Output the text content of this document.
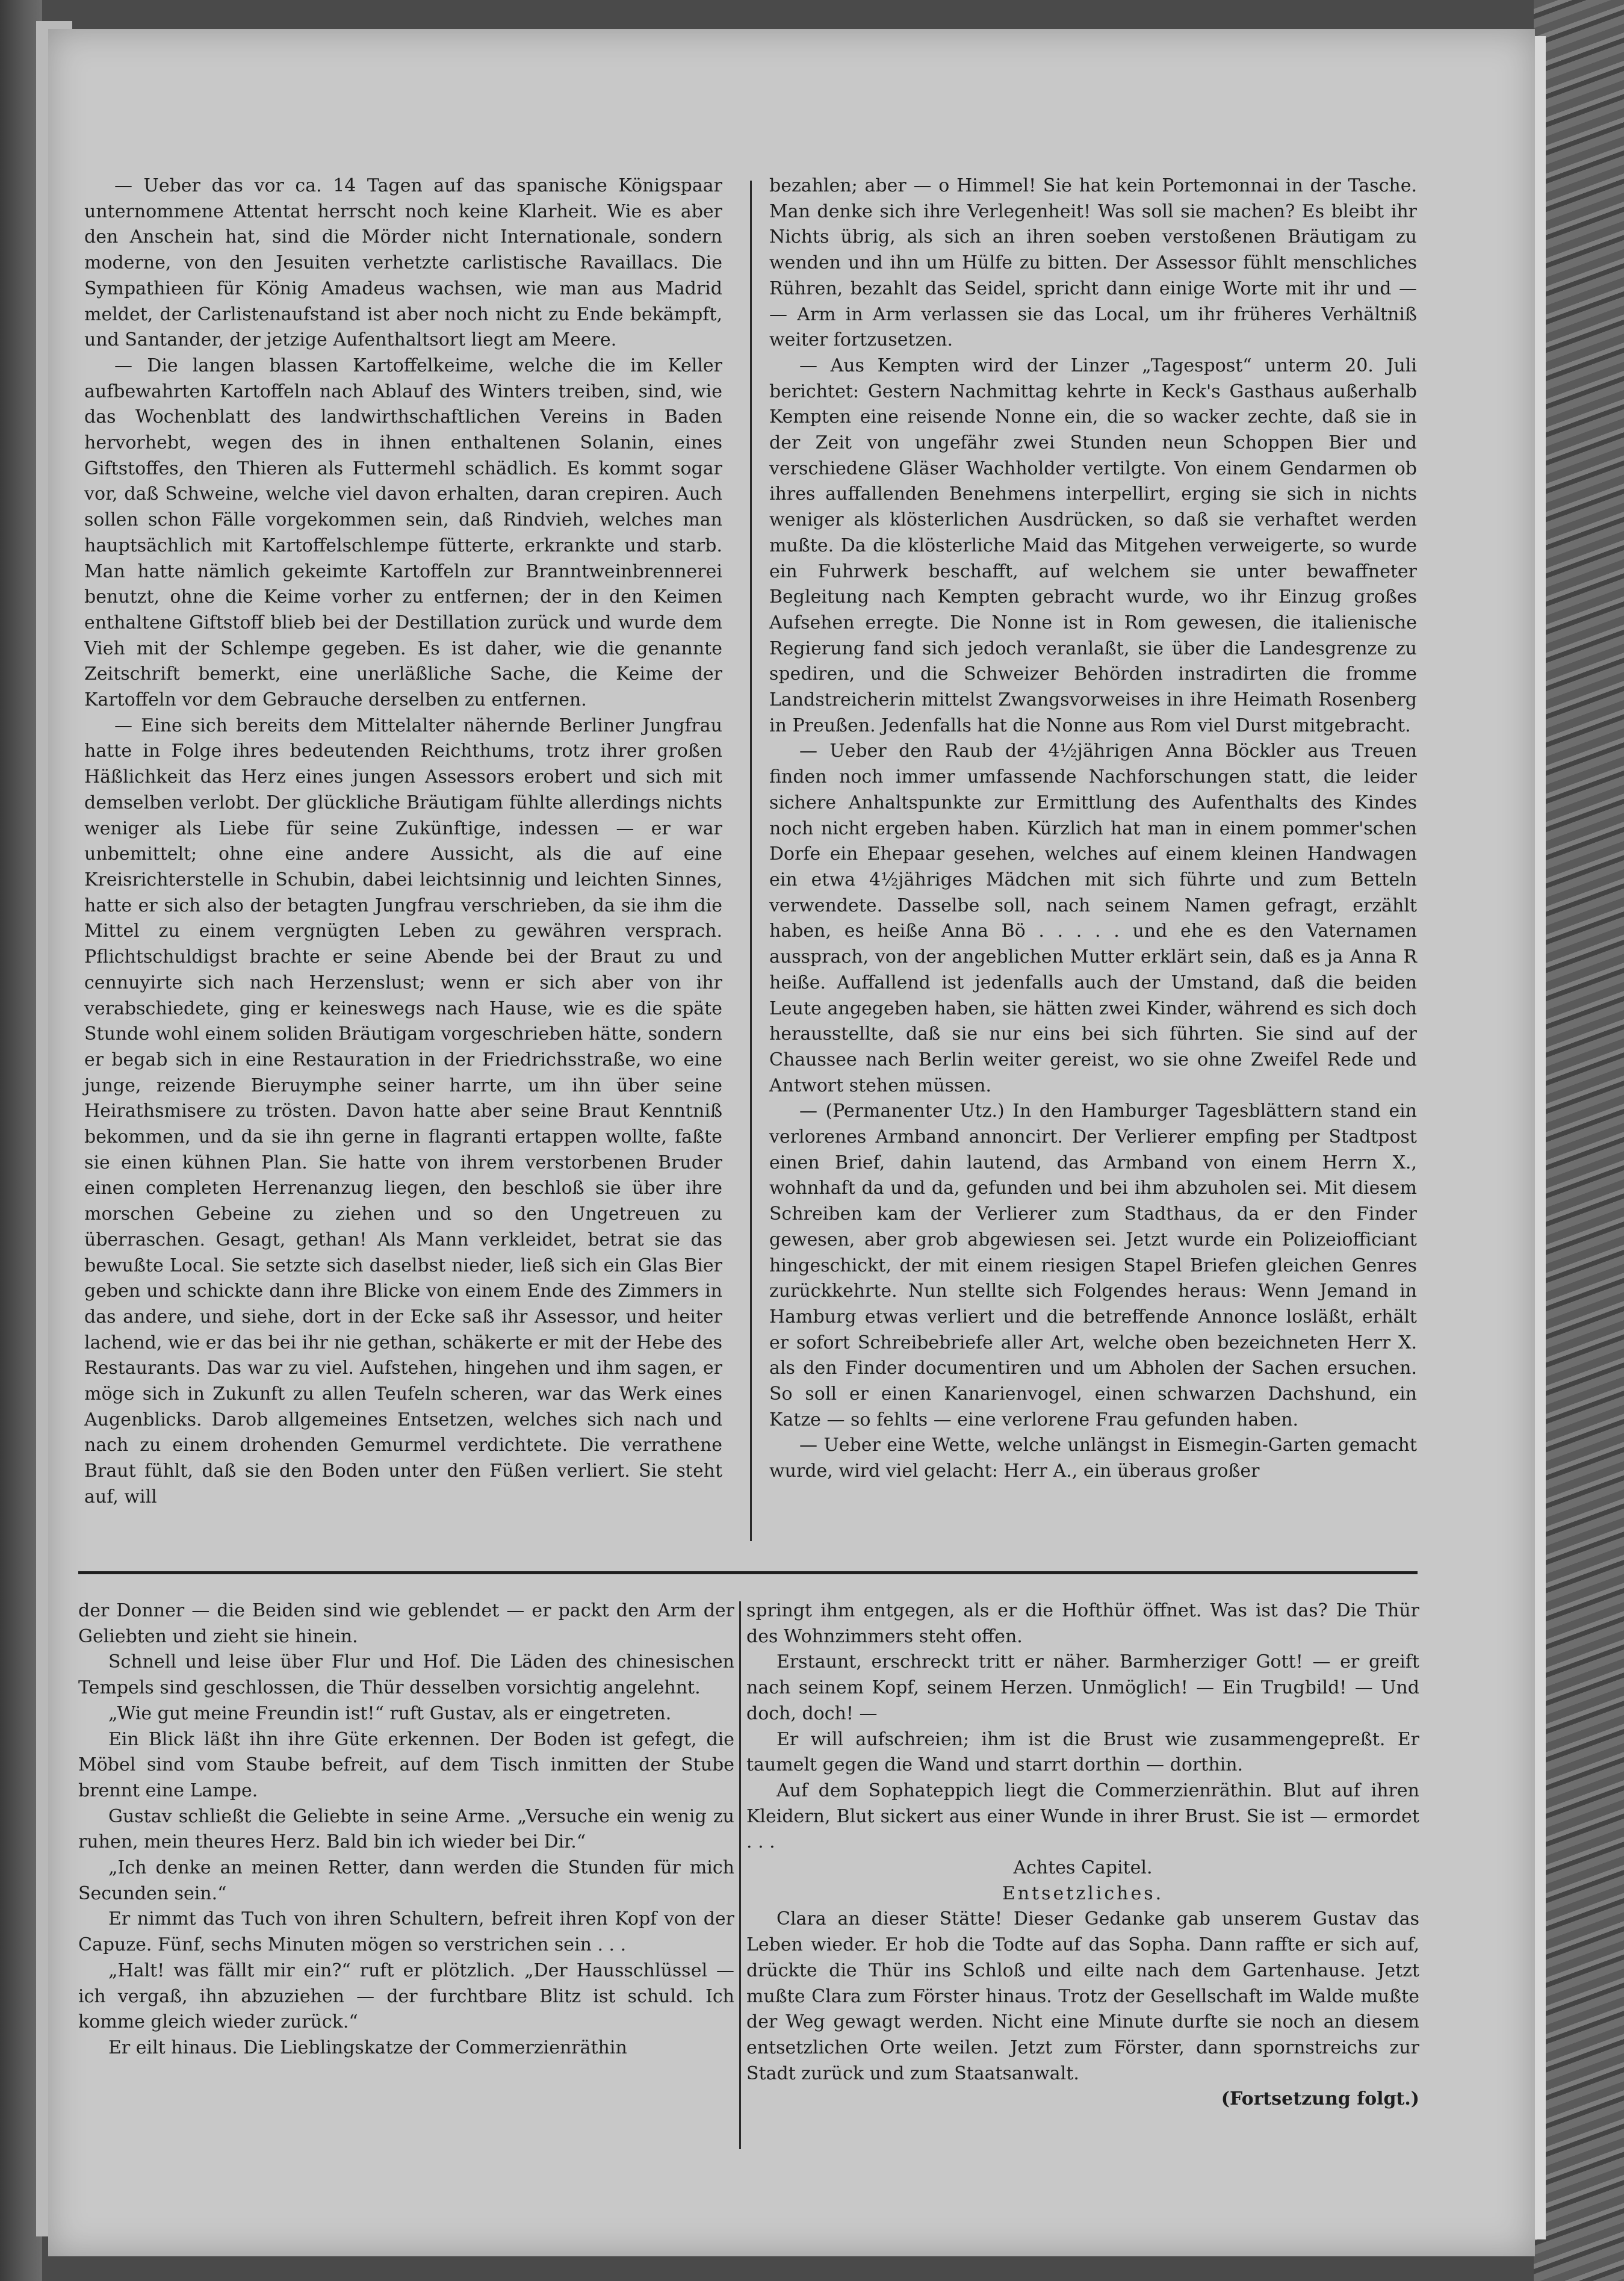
— Ueber das vor ca. 14 Tagen auf das spanische Königspaar unternommene Attentat herrscht noch keine Klarheit. Wie es aber den Anschein hat, sind die Mörder nicht Internationale, sondern moderne, von den Jesuiten verhetzte carlistische Ravaillacs. Die Sympathieen für König Amadeus wachsen, wie man aus Madrid meldet, der Carlistenaufstand ist aber noch nicht zu Ende bekämpft, und Santander, der jetzige Aufenthaltsort liegt am Meere.

— Die langen blassen Kartoffelkeime, welche die im Keller aufbewahrten Kartoffeln nach Ablauf des Winters treiben, sind, wie das Wochenblatt des landwirthschaftlichen Vereins in Baden hervorhebt, wegen des in ihnen enthaltenen Solanin, eines Giftstoffes, den Thieren als Futtermehl schädlich. Es kommt sogar vor, daß Schweine, welche viel davon erhalten, daran crepiren. Auch sollen schon Fälle vorgekommen sein, daß Rindvieh, welches man hauptsächlich mit Kartoffelschlempe fütterte, erkrankte und starb. Man hatte nämlich gekeimte Kartoffeln zur Branntweinbrennerei benutzt, ohne die Keime vorher zu entfernen; der in den Keimen enthaltene Giftstoff blieb bei der Destillation zurück und wurde dem Vieh mit der Schlempe gegeben. Es ist daher, wie die genannte Zeitschrift bemerkt, eine unerläßliche Sache, die Keime der Kartoffeln vor dem Gebrauche derselben zu entfernen.

— Eine sich bereits dem Mittelalter nähernde Berliner Jungfrau hatte in Folge ihres bedeutenden Reichthums, trotz ihrer großen Häßlichkeit das Herz eines jungen Assessors erobert und sich mit demselben verlobt. Der glückliche Bräutigam fühlte allerdings nichts weniger als Liebe für seine Zukünftige, indessen — er war unbemittelt; ohne eine andere Aussicht, als die auf eine Kreisrichterstelle in Schubin, dabei leichtsinnig und leichten Sinnes, hatte er sich also der betagten Jungfrau verschrieben, da sie ihm die Mittel zu einem vergnügten Leben zu gewähren versprach. Pflichtschuldigst brachte er seine Abende bei der Braut zu und cennuyirte sich nach Herzenslust; wenn er sich aber von ihr verabschiedete, ging er keineswegs nach Hause, wie es die späte Stunde wohl einem soliden Bräutigam vorgeschrieben hätte, sondern er begab sich in eine Restauration in der Friedrichsstraße, wo eine junge, reizende Bieruymphe seiner harrte, um ihn über seine Heirathsmisere zu trösten. Davon hatte aber seine Braut Kenntniß bekommen, und da sie ihn gerne in flagranti ertappen wollte, faßte sie einen kühnen Plan. Sie hatte von ihrem verstorbenen Bruder einen completen Herrenanzug liegen, den beschloß sie über ihre morschen Gebeine zu ziehen und so den Ungetreuen zu überraschen. Gesagt, gethan! Als Mann verkleidet, betrat sie das bewußte Local. Sie setzte sich daselbst nieder, ließ sich ein Glas Bier geben und schickte dann ihre Blicke von einem Ende des Zimmers in das andere, und siehe, dort in der Ecke saß ihr Assessor, und heiter lachend, wie er das bei ihr nie gethan, schäkerte er mit der Hebe des Restaurants. Das war zu viel. Aufstehen, hingehen und ihm sagen, er möge sich in Zukunft zu allen Teufeln scheren, war das Werk eines Augenblicks. Darob allgemeines Entsetzen, welches sich nach und nach zu einem drohenden Gemurmel verdichtete. Die verrathene Braut fühlt, daß sie den Boden unter den Füßen verliert. Sie steht auf, will

bezahlen; aber — o Himmel! Sie hat kein Portemonnai in der Tasche. Man denke sich ihre Verlegenheit! Was soll sie machen? Es bleibt ihr Nichts übrig, als sich an ihren soeben verstoßenen Bräutigam zu wenden und ihn um Hülfe zu bitten. Der Assessor fühlt menschliches Rühren, bezahlt das Seidel, spricht dann einige Worte mit ihr und — — Arm in Arm verlassen sie das Local, um ihr früheres Verhältniß weiter fortzusetzen.

— Aus Kempten wird der Linzer „Tagespost“ unterm 20. Juli berichtet: Gestern Nachmittag kehrte in Keck's Gasthaus außerhalb Kempten eine reisende Nonne ein, die so wacker zechte, daß sie in der Zeit von ungefähr zwei Stunden neun Schoppen Bier und verschiedene Gläser Wachholder vertilgte. Von einem Gendarmen ob ihres auffallenden Benehmens interpellirt, erging sie sich in nichts weniger als klösterlichen Ausdrücken, so daß sie verhaftet werden mußte. Da die klösterliche Maid das Mitgehen verweigerte, so wurde ein Fuhrwerk beschafft, auf welchem sie unter bewaffneter Begleitung nach Kempten gebracht wurde, wo ihr Einzug großes Aufsehen erregte. Die Nonne ist in Rom gewesen, die italienische Regierung fand sich jedoch veranlaßt, sie über die Landesgrenze zu spediren, und die Schweizer Behörden instradirten die fromme Landstreicherin mittelst Zwangsvorweises in ihre Heimath Rosenberg in Preußen. Jedenfalls hat die Nonne aus Rom viel Durst mitgebracht.

— Ueber den Raub der 4½jährigen Anna Böckler aus Treuen finden noch immer umfassende Nachforschungen statt, die leider sichere Anhaltspunkte zur Ermittlung des Aufenthalts des Kindes noch nicht ergeben haben. Kürzlich hat man in einem pommer'schen Dorfe ein Ehepaar gesehen, welches auf einem kleinen Handwagen ein etwa 4½jähriges Mädchen mit sich führte und zum Betteln verwendete. Dasselbe soll, nach seinem Namen gefragt, erzählt haben, es heiße Anna Bö . . . . . und ehe es den Vaternamen aussprach, von der angeblichen Mutter erklärt sein, daß es ja Anna R heiße. Auffallend ist jedenfalls auch der Umstand, daß die beiden Leute angegeben haben, sie hätten zwei Kinder, während es sich doch herausstellte, daß sie nur eins bei sich führten. Sie sind auf der Chaussee nach Berlin weiter gereist, wo sie ohne Zweifel Rede und Antwort stehen müssen.

— (Permanenter Utz.) In den Hamburger Tagesblättern stand ein verlorenes Armband annoncirt. Der Verlierer empfing per Stadtpost einen Brief, dahin lautend, das Armband von einem Herrn X., wohnhaft da und da, gefunden und bei ihm abzuholen sei. Mit diesem Schreiben kam der Verlierer zum Stadthaus, da er den Finder gewesen, aber grob abgewiesen sei. Jetzt wurde ein Polizeiofficiant hingeschickt, der mit einem riesigen Stapel Briefen gleichen Genres zurückkehrte. Nun stellte sich Folgendes heraus: Wenn Jemand in Hamburg etwas verliert und die betreffende Annonce losläßt, erhält er sofort Schreibebriefe aller Art, welche oben bezeichneten Herr X. als den Finder documentiren und um Abholen der Sachen ersuchen. So soll er einen Kanarienvogel, einen schwarzen Dachshund, ein Katze — so fehlts — eine verlorene Frau gefunden haben.

— Ueber eine Wette, welche unlängst in Eismegin-Garten gemacht wurde, wird viel gelacht: Herr A., ein überaus großer

der Donner — die Beiden sind wie geblendet — er packt den Arm der Geliebten und zieht sie hinein.

Schnell und leise über Flur und Hof. Die Läden des chinesischen Tempels sind geschlossen, die Thür desselben vorsichtig angelehnt.

„Wie gut meine Freundin ist!“ ruft Gustav, als er eingetreten.

Ein Blick läßt ihn ihre Güte erkennen. Der Boden ist gefegt, die Möbel sind vom Staube befreit, auf dem Tisch inmitten der Stube brennt eine Lampe.

Gustav schließt die Geliebte in seine Arme. „Versuche ein wenig zu ruhen, mein theures Herz. Bald bin ich wieder bei Dir.“

„Ich denke an meinen Retter, dann werden die Stunden für mich Secunden sein.“

Er nimmt das Tuch von ihren Schultern, befreit ihren Kopf von der Capuze. Fünf, sechs Minuten mögen so verstrichen sein . . .

„Halt! was fällt mir ein?“ ruft er plötzlich. „Der Hausschlüssel — ich vergaß, ihn abzuziehen — der furchtbare Blitz ist schuld. Ich komme gleich wieder zurück.“

Er eilt hinaus. Die Lieblingskatze der Commerzienräthin

springt ihm entgegen, als er die Hofthür öffnet. Was ist das? Die Thür des Wohnzimmers steht offen.

Erstaunt, erschreckt tritt er näher. Barmherziger Gott! — er greift nach seinem Kopf, seinem Herzen. Unmöglich! — Ein Trugbild! — Und doch, doch! —

Er will aufschreien; ihm ist die Brust wie zusammengepreßt. Er taumelt gegen die Wand und starrt dorthin — dorthin.

Auf dem Sophateppich liegt die Commerzienräthin. Blut auf ihren Kleidern, Blut sickert aus einer Wunde in ihrer Brust. Sie ist — ermordet . . .

Achtes Capitel.

Entsetzliches.

Clara an dieser Stätte! Dieser Gedanke gab unserem Gustav das Leben wieder. Er hob die Todte auf das Sopha. Dann raffte er sich auf, drückte die Thür ins Schloß und eilte nach dem Gartenhause. Jetzt mußte Clara zum Förster hinaus. Trotz der Gesellschaft im Walde mußte der Weg gewagt werden. Nicht eine Minute durfte sie noch an diesem entsetzlichen Orte weilen. Jetzt zum Förster, dann spornstreichs zur Stadt zurück und zum Staatsanwalt.

(Fortsetzung folgt.)
